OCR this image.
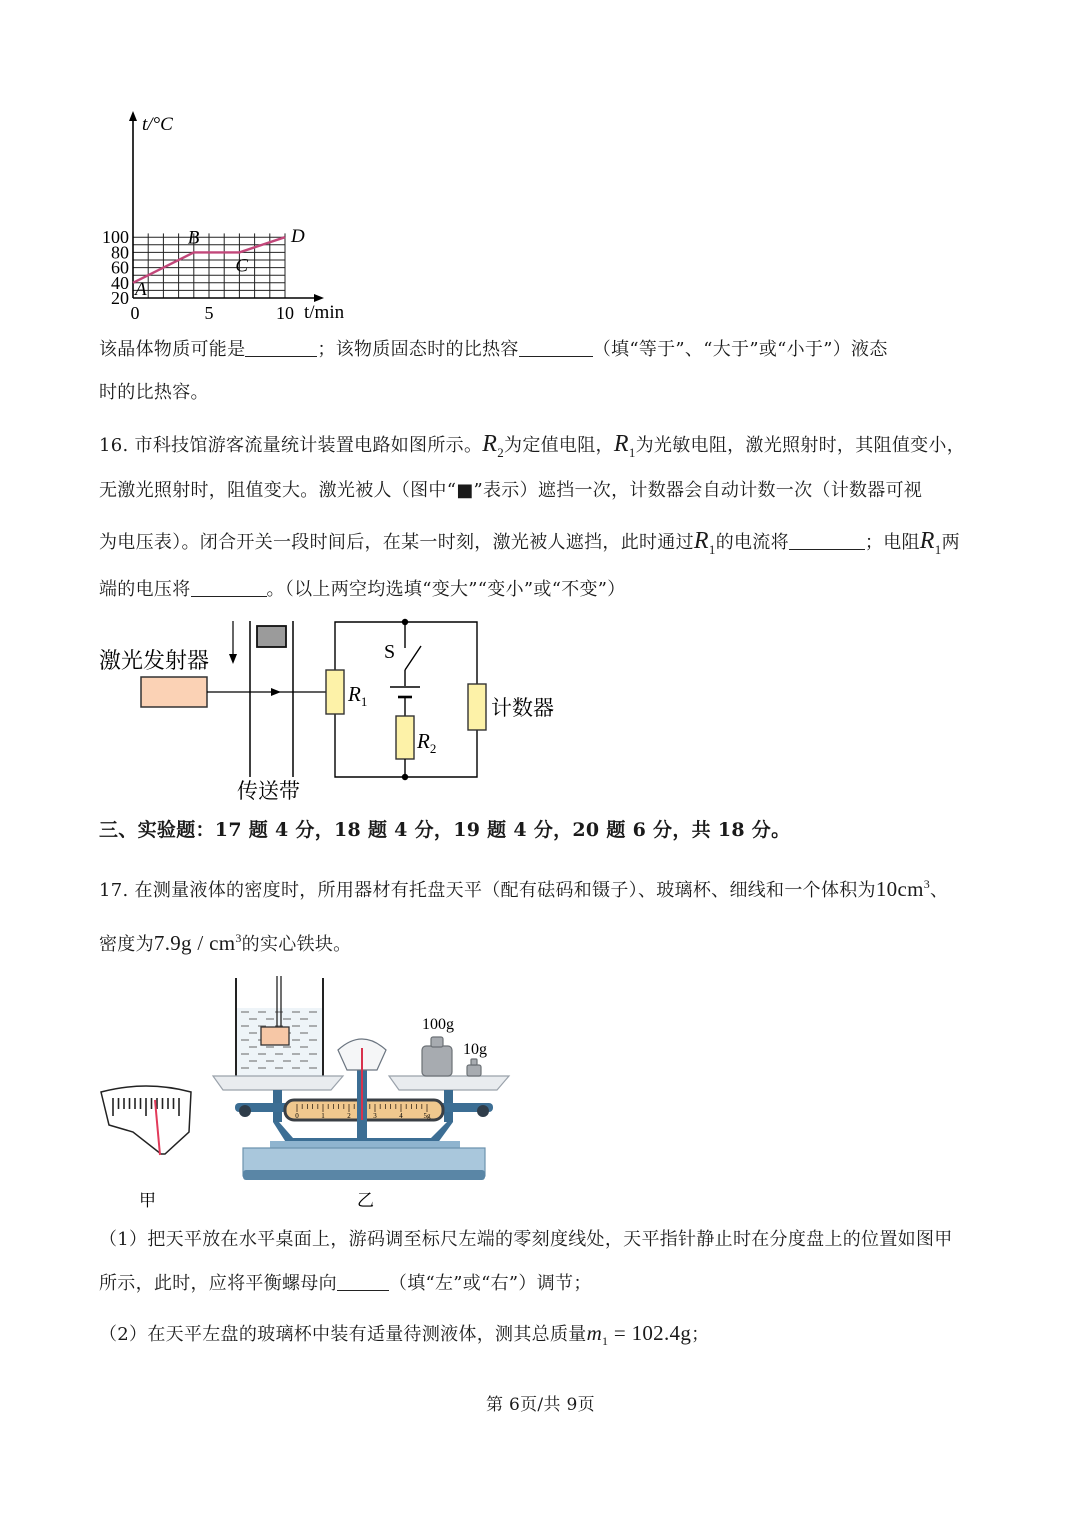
t/°C
t/min
100
80
60
40
20
0	5	10
A
B
C
D
该晶体物质可能是	；该物质固态时的比热容	（填“等于”、“大于”或“小于”）液态
时的比热容。
16. 市科技馆游客流量统计装置电路如图所示。$R_2$为定值电阻，$R_1$为光敏电阻，激光照射时，其阻值变小，
无激光照射时，阻值变大。激光被人（图中“■”表示）遮挡一次，计数器会自动计数一次（计数器可视
为电压表）。闭合开关一段时间后，在某一时刻，激光被人遮挡，此时通过$R_1$的电流将	；电阻$R_1$两
端的电压将	。（以上两空均选填“变大”“变小”或“不变”）
激光发射器
传送带
$R_1$	计数器
S
$R_2$
三、实验题：17 题 4 分，18 题 4 分，19 题 4 分，20 题 6 分，共 18 分。
17. 在测量液体的密度时，所用器材有托盘天平（配有砝码和镊子）、玻璃杯、细线和一个体积为$10cm^3$、
密度为$7.9g / cm^3$的实心铁块。
甲
100g
10g
0	1	2	3	4	5g
乙
（1）把天平放在水平桌面上，游码调至标尺左端的零刻度线处，天平指针静止时在分度盘上的位置如图甲
所示，此时，应将平衡螺母向	（填“左”或“右”）调节；
（2）在天平左盘的玻璃杯中装有适量待测液体，测其总质量$m_1 = 102.4g$；
第 6页/共 9页
